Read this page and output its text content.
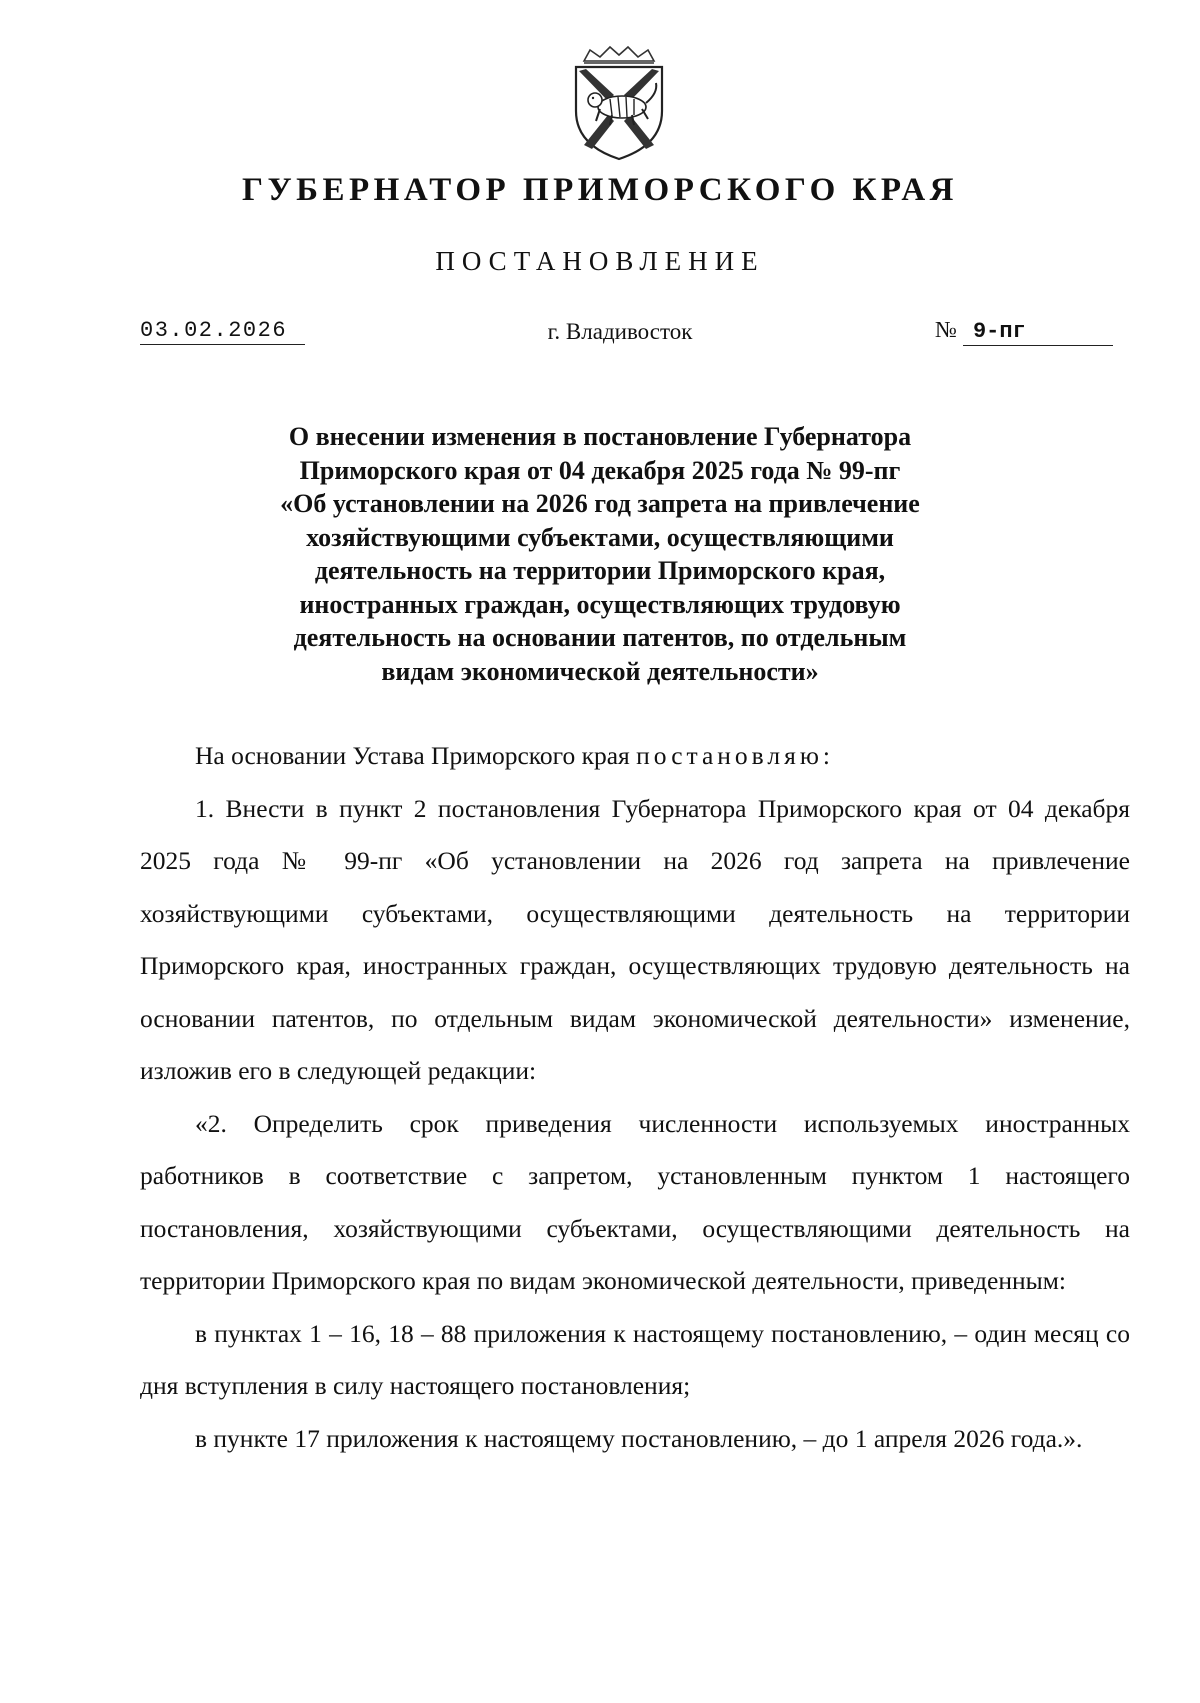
ГУБЕРНАТОР ПРИМОРСКОГО КРАЯ
ПОСТАНОВЛЕНИЕ
03.02.2026	г. Владивосток	№ 9-пг
О внесении изменения в постановление Губернатора
Приморского края от 04 декабря 2025 года № 99-пг
«Об установлении на 2026 год запрета на привлечение
хозяйствующими субъектами, осуществляющими
деятельность на территории Приморского края,
иностранных граждан, осуществляющих трудовую
деятельность на основании патентов, по отдельным
видам экономической деятельности»

На основании Устава Приморского края постановляю:

1. Внести в пункт 2 постановления Губернатора Приморского края от 04 декабря 2025 года № 99-пг «Об установлении на 2026 год запрета на привлечение хозяйствующими субъектами, осуществляющими деятельность на территории Приморского края, иностранных граждан, осуществляющих трудовую деятельность на основании патентов, по отдельным видам экономической деятельности» изменение, изложив его в следующей редакции:

«2. Определить срок приведения численности используемых иностранных работников в соответствие с запретом, установленным пунктом 1 настоящего постановления, хозяйствующими субъектами, осуществляющими деятельность на территории Приморского края по видам экономической деятельности, приведенным:

в пунктах 1 – 16, 18 – 88 приложения к настоящему постановлению, – один месяц со дня вступления в силу настоящего постановления;

в пункте 17 приложения к настоящему постановлению, – до 1 апреля 2026 года.».
